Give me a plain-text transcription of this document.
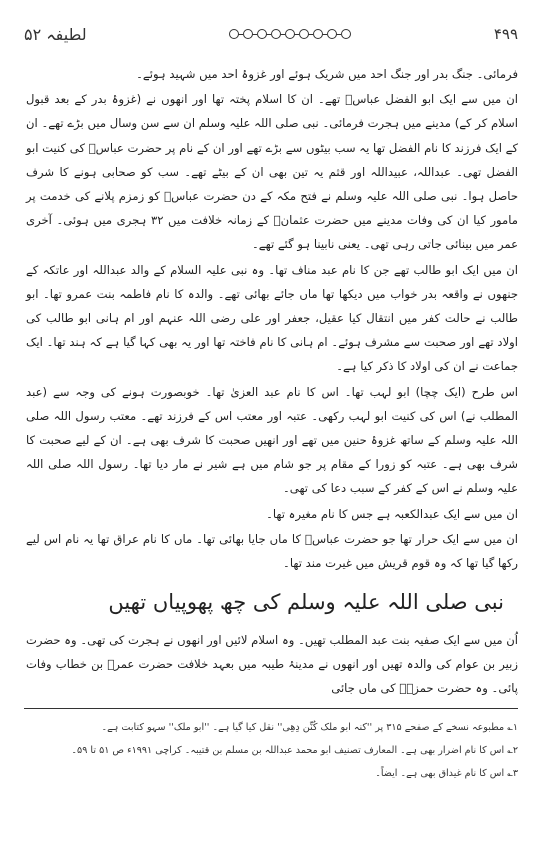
لطیفہ ۵۲	۴۹۹

فرمائی۔ جنگ بدر اور جنگ احد میں شریک ہوئے اور غزوۂ احد میں شہید ہوئے۔

ان میں سے ایک ابو الفضل عباسؓ تھے۔ ان کا اسلام پختہ تھا اور انھوں نے (غزوۂ بدر کے بعد قبول اسلام کر کے) مدینے میں ہجرت فرمائی۔ نبی صلی اللہ علیہ وسلم ان سے سن وسال میں بڑے تھے۔ ان کے ایک فرزند کا نام الفضل تھا یہ سب بیٹوں سے بڑے تھے اور ان کے نام پر حضرت عباسؓ کی کنیت ابو الفضل تھی۔ عبداللہ، عبیداللہ اور قثم یہ تین بھی ان کے بیٹے تھے۔ سب کو صحابی ہونے کا شرف حاصل ہوا۔ نبی صلی اللہ علیہ وسلم نے فتح مکہ کے دن حضرت عباسؓ کو زمزم پلانے کی خدمت پر مامور کیا ان کی وفات مدینے میں حضرت عثمانؓ کے زمانہ خلافت میں ۳۲ ہجری میں ہوئی۔ آخری عمر میں بینائی جاتی رہی تھی۔ یعنی نابینا ہو گئے تھے۔

ان میں ایک ابو طالب تھے جن کا نام عبد مناف تھا۔ وہ نبی علیہ السلام کے والد عبداللہ اور عاتکہ کے جنھوں نے واقعہ بدر خواب میں دیکھا تھا ماں جائے بھائی تھے۔ والدہ کا نام فاطمہ بنت عمرو تھا۔ ابو طالب نے حالت کفر میں انتقال کیا عقیل، جعفر اور علی رضی اللہ عنہم اور ام ہانی ابو طالب کی اولاد تھے اور صحبت سے مشرف ہوئے۔ ام ہانی کا نام فاختہ تھا اور یہ بھی کہا گیا ہے کہ ہند تھا۔ ایک جماعت نے ان کی اولاد کا ذکر کیا ہے۔

اس طرح (ایک چچا) ابو لہب تھا۔ اس کا نام عبد العزیٰ تھا۔ خوبصورت ہونے کی وجہ سے (عبد المطلب نے) اس کی کنیت ابو لہب رکھی۔ عتبہ اور معتب اس کے فرزند تھے۔ معتب رسول اللہ صلی اللہ علیہ وسلم کے ساتھ غزوۂ حنین میں تھے اور انھیں صحبت کا شرف بھی ہے۔ ان کے لیے صحبت کا شرف بھی ہے۔ عتبہ کو زورا کے مقام پر جو شام میں ہے شیر نے مار دیا تھا۔ رسول اللہ صلی اللہ علیہ وسلم نے اس کے کفر کے سبب دعا کی تھی۔

ان میں سے ایک عبدالکعبہ ہے جس کا نام مغیرہ تھا۔

ان میں سے ایک حرار تھا جو حضرت عباسؓ کا ماں جایا بھائی تھا۔ ماں کا نام عراق تھا یہ نام اس لیے رکھا گیا تھا کہ وہ قوم قریش میں غیرت مند تھا۔

نبی صلی اللہ علیہ وسلم کی چھ پھوپیاں تھیں

اُن میں سے ایک صفیہ بنت عبد المطلب تھیں۔ وہ اسلام لائیں اور انھوں نے ہجرت کی تھی۔ وہ حضرت زبیر بن عوام کی والدہ تھیں اور انھوں نے مدینۂ طیبہ میں بعہد خلافت حضرت عمرؓ بن خطاب وفات پائی۔ وہ حضرت حمزہؓ کی ماں جائی

۱؎ مطبوعہ نسخے کے صفحے ۳۱۵ پر ''کنہ ابو ملک کُنِّن دِھِی'' نقل کیا گیا ہے۔ ''ابو ملک'' سہو کتابت ہے۔

۲؎ اس کا نام اضرار بھی ہے۔ المعارف تصنیف ابو محمد عبداللہ بن مسلم بن قتیبہ۔ کراچی ۱۹۹۱ء ص ۵۱ تا ۵۹۔

۳؎ اس کا نام غیداق بھی ہے۔ ایضاً۔
